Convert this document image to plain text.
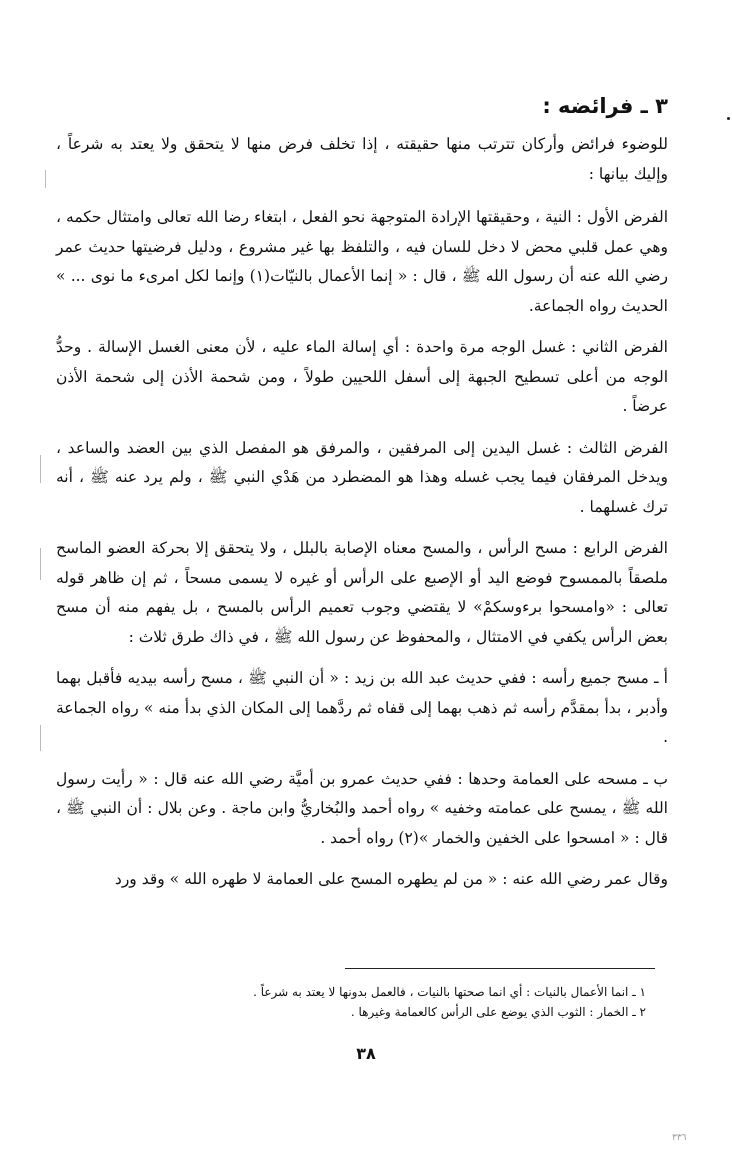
٣ ـ فرائضه :

للوضوء فرائض وأركان تترتب منها حقيقته ، إذا تخلف فرض منها لا يتحقق ولا يعتد به شرعاً ، وإليك بيانها :

الفرض الأول : النية ، وحقيقتها الإرادة المتوجهة نحو الفعل ، ابتغاء رضا الله تعالى وامتثال حكمه ، وهي عمل قلبي محض لا دخل للسان فيه ، والتلفظ بها غير مشروع ، ودليل فرضيتها حديث عمر رضي الله عنه أن رسول الله ﷺ ، قال : « إنما الأعمال بالنيّات(١) وإنما لكل امرىء ما نوى ... » الحديث رواه الجماعة.

الفرض الثاني : غسل الوجه مرة واحدة : أي إسالة الماء عليه ، لأن معنى الغسل الإسالة . وحدُّ الوجه من أعلى تسطيح الجبهة إلى أسفل اللحيين طولاً ، ومن شحمة الأذن إلى شحمة الأذن عرضاً .

الفرض الثالث : غسل اليدين إلى المرفقين ، والمرفق هو المفصل الذي بين العضد والساعد ، ويدخل المرفقان فيما يجب غسله وهذا هو المضطرد من هَدْي النبي ﷺ ، ولم يرد عنه ﷺ ، أنه ترك غسلهما .

الفرض الرابع : مسح الرأس ، والمسح معناه الإصابة بالبلل ، ولا يتحقق إلا بحركة العضو الماسح ملصقاً بالممسوح فوضع اليد أو الإصبع على الرأس أو غيره لا يسمى مسحاً ، ثم إن ظاهر قوله تعالى : «وامسحوا برءوسكمْ» لا يقتضي وجوب تعميم الرأس بالمسح ، بل يفهم منه أن مسح بعض الرأس يكفي في الامتثال ، والمحفوظ عن رسول الله ﷺ ، في ذاك طرق ثلاث :

أ ـ مسح جميع رأسه : ففي حديث عبد الله بن زيد : « أن النبي ﷺ ، مسح رأسه بيديه فأقبل بهما وأدبر ، بدأ بمقدَّم رأسه ثم ذهب بهما إلى قفاه ثم ردَّهما إلى المكان الذي بدأ منه » رواه الجماعة .

ب ـ مسحه على العمامة وحدها : ففي حديث عمرو بن أميَّة رضي الله عنه قال : « رأيت رسول الله ﷺ ، يمسح على عمامته وخفيه » رواه أحمد والبُخاريُّ وابن ماجة . وعن بلال : أن النبي ﷺ ، قال : « امسحوا على الخفين والخمار »(٢) رواه أحمد .

وقال عمر رضي الله عنه : « من لم يطهره المسح على العمامة لا طهره الله » وقد ورد

١ ـ انما الأعمال بالنيات : أي انما صحتها بالنيات ، فالعمل بدونها لا يعتد به شرعاً .
٢ ـ الخمار : الثوب الذي يوضع على الرأس كالعمامة وغيرها .
٣٨
٣٣٦
